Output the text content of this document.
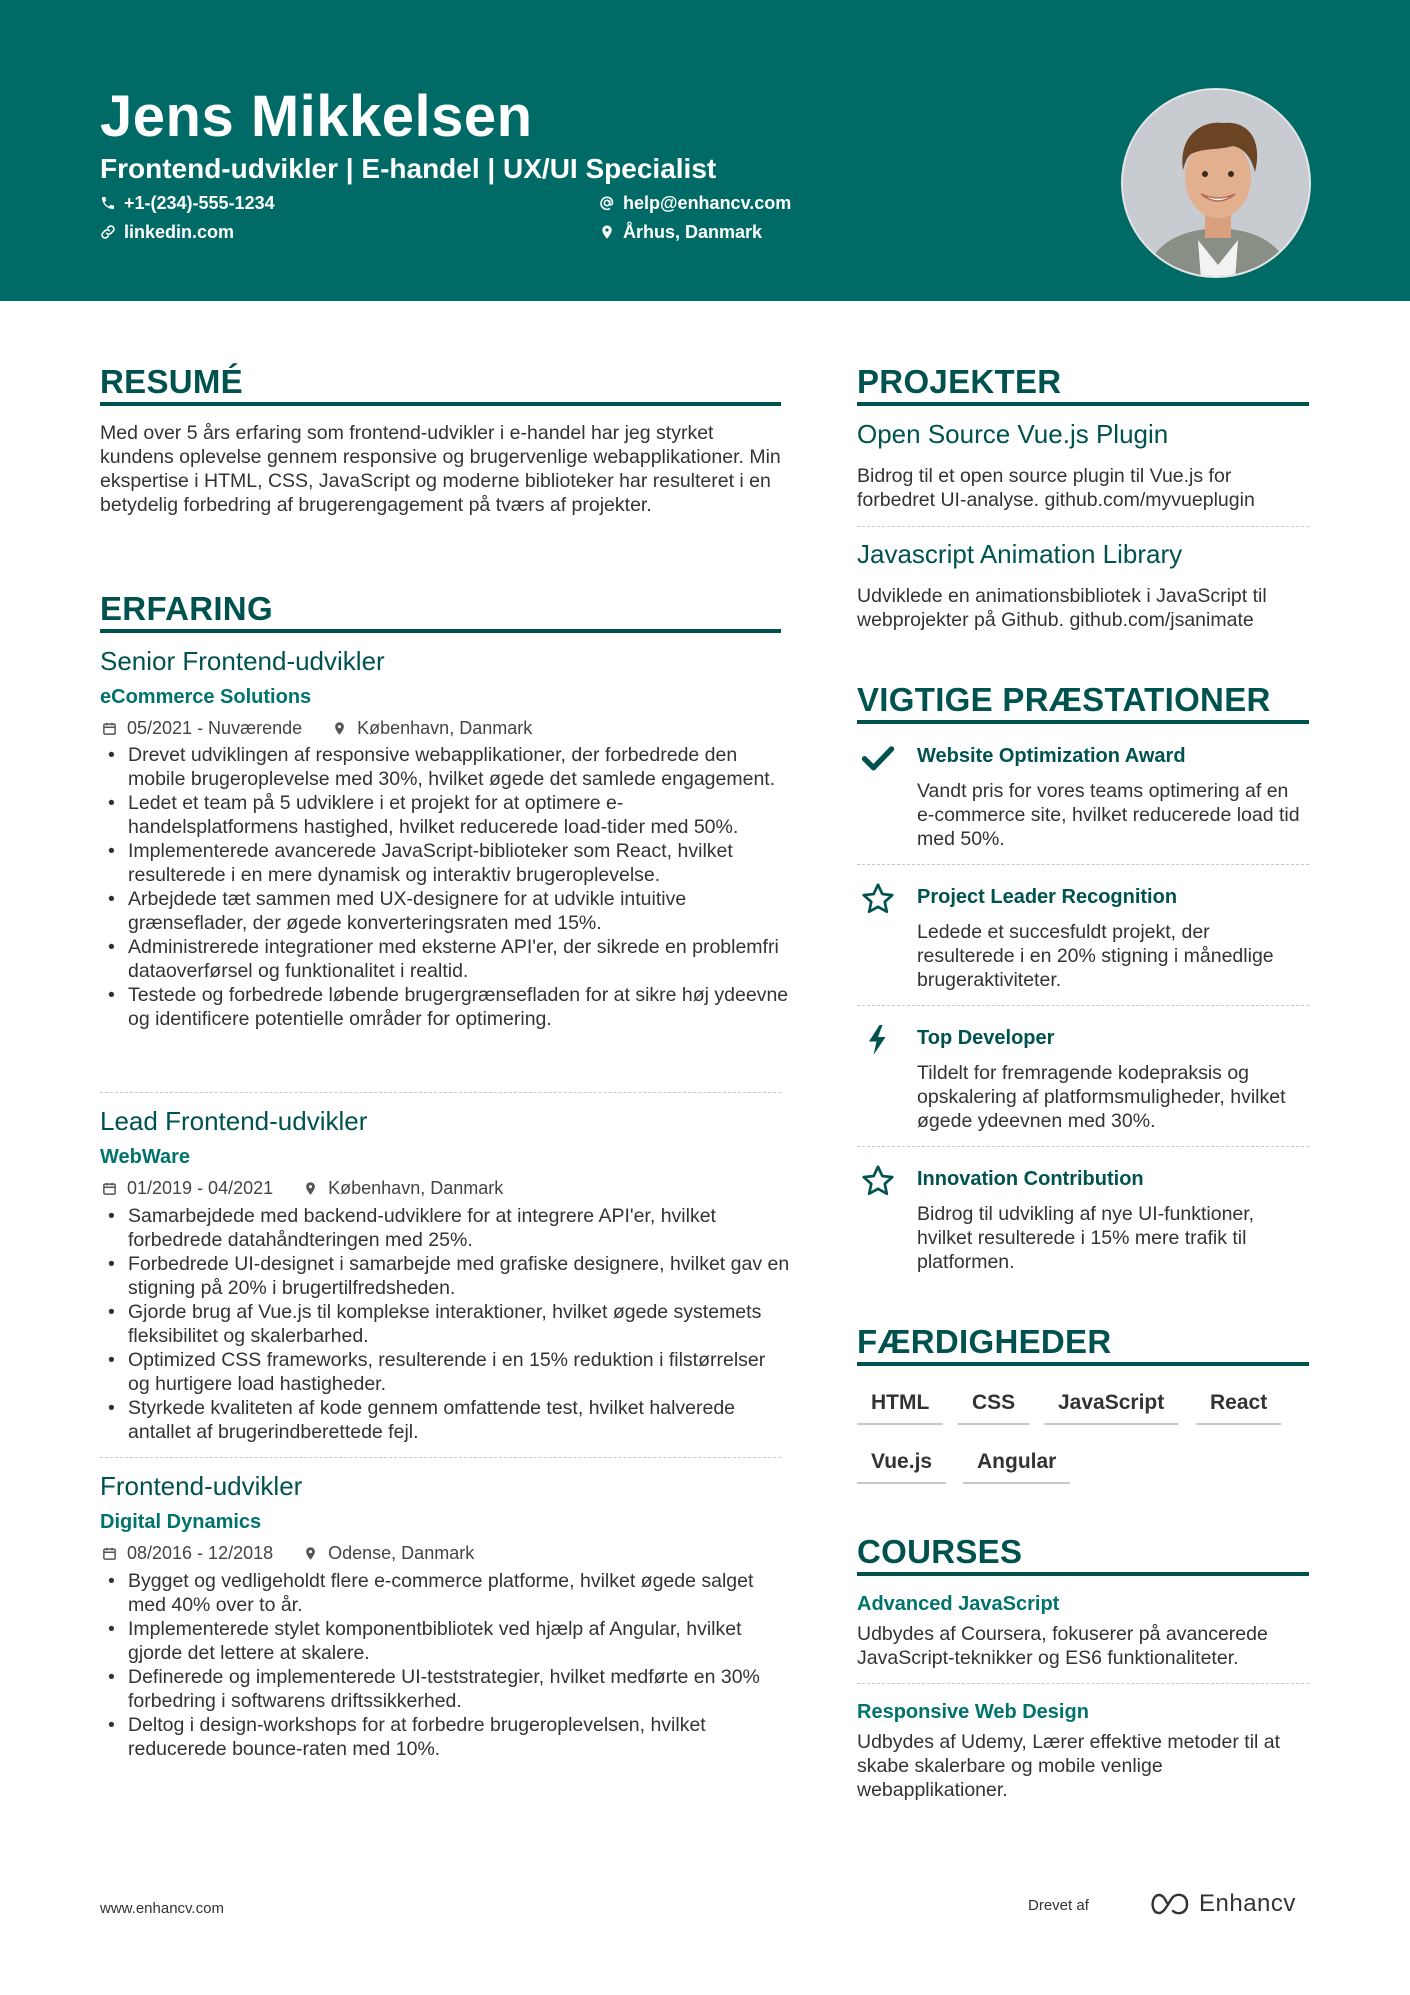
Jens Mikkelsen
Frontend-udvikler | E-handel | UX/UI Specialist
+1-(234)-555-1234	help@enhancv.com
linkedin.com	Århus, Danmark
RESUMÉ
Med over 5 års erfaring som frontend-udvikler i e-handel har jeg styrket kundens oplevelse gennem responsive og brugervenlige webapplikationer. Min ekspertise i HTML, CSS, JavaScript og moderne biblioteker har resulteret i en betydelig forbedring af brugerengagement på tværs af projekter.
ERFARING
Senior Frontend-udvikler
eCommerce Solutions
05/2021 - Nuværende	København, Danmark
• Drevet udviklingen af responsive webapplikationer, der forbedrede den mobile brugeroplevelse med 30%, hvilket øgede det samlede engagement.
• Ledet et team på 5 udviklere i et projekt for at optimere e-handelsplatformens hastighed, hvilket reducerede load-tider med 50%.
• Implementerede avancerede JavaScript-biblioteker som React, hvilket resulterede i en mere dynamisk og interaktiv brugeroplevelse.
• Arbejdede tæt sammen med UX-designere for at udvikle intuitive grænseflader, der øgede konverteringsraten med 15%.
• Administrerede integrationer med eksterne API'er, der sikrede en problemfri dataoverførsel og funktionalitet i realtid.
• Testede og forbedrede løbende brugergrænsefladen for at sikre høj ydeevne og identificere potentielle områder for optimering.
Lead Frontend-udvikler
WebWare
01/2019 - 04/2021	København, Danmark
• Samarbejdede med backend-udviklere for at integrere API'er, hvilket forbedrede datahåndteringen med 25%.
• Forbedrede UI-designet i samarbejde med grafiske designere, hvilket gav en stigning på 20% i brugertilfredsheden.
• Gjorde brug af Vue.js til komplekse interaktioner, hvilket øgede systemets fleksibilitet og skalerbarhed.
• Optimized CSS frameworks, resulterende i en 15% reduktion i filstørrelser og hurtigere load hastigheder.
• Styrkede kvaliteten af kode gennem omfattende test, hvilket halverede antallet af brugerindberettede fejl.
Frontend-udvikler
Digital Dynamics
08/2016 - 12/2018	Odense, Danmark
• Bygget og vedligeholdt flere e-commerce platforme, hvilket øgede salget med 40% over to år.
• Implementerede stylet komponentbibliotek ved hjælp af Angular, hvilket gjorde det lettere at skalere.
• Definerede og implementerede UI-teststrategier, hvilket medførte en 30% forbedring i softwarens driftssikkerhed.
• Deltog i design-workshops for at forbedre brugeroplevelsen, hvilket reducerede bounce-raten med 10%.
PROJEKTER
Open Source Vue.js Plugin
Bidrog til et open source plugin til Vue.js for forbedret UI-analyse. github.com/myvueplugin
Javascript Animation Library
Udviklede en animationsbibliotek i JavaScript til webprojekter på Github. github.com/jsanimate
VIGTIGE PRÆSTATIONER
Website Optimization Award
Vandt pris for vores teams optimering af en e-commerce site, hvilket reducerede load tid med 50%.
Project Leader Recognition
Ledede et succesfuldt projekt, der resulterede i en 20% stigning i månedlige brugeraktiviteter.
Top Developer
Tildelt for fremragende kodepraksis og opskalering af platformsmuligheder, hvilket øgede ydeevnen med 30%.
Innovation Contribution
Bidrog til udvikling af nye UI-funktioner, hvilket resulterede i 15% mere trafik til platformen.
FÆRDIGHEDER
HTML	CSS	JavaScript	React
Vue.js	Angular
COURSES
Advanced JavaScript
Udbydes af Coursera, fokuserer på avancerede JavaScript-teknikker og ES6 funktionaliteter.
Responsive Web Design
Udbydes af Udemy, Lærer effektive metoder til at skabe skalerbare og mobile venlige webapplikationer.
www.enhancv.com	Drevet af	Enhancv
